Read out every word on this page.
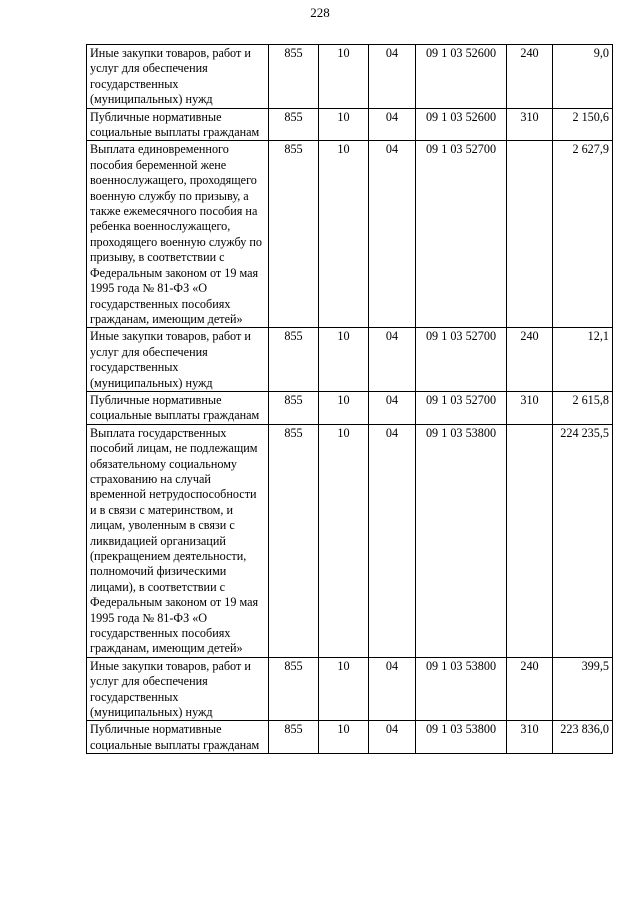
228
Иные закупки товаров, работ и услуг для обеспечения государственных (муниципальных) нужд	855	10	04	09 1 03 52600	240	9,0
Публичные нормативные социальные выплаты гражданам	855	10	04	09 1 03 52600	310	2 150,6
Выплата единовременного пособия беременной жене военнослужащего, проходящего военную службу по призыву, а также ежемесячного пособия на ребенка военнослужащего, проходящего военную службу по призыву, в соответствии с Федеральным законом от 19 мая 1995 года № 81-ФЗ «О государственных пособиях гражданам, имеющим детей»	855	10	04	09 1 03 52700		2 627,9
Иные закупки товаров, работ и услуг для обеспечения государственных (муниципальных) нужд	855	10	04	09 1 03 52700	240	12,1
Публичные нормативные социальные выплаты гражданам	855	10	04	09 1 03 52700	310	2 615,8
Выплата государственных пособий лицам, не подлежащим обязательному социальному страхованию на случай временной нетрудоспособности и в связи с материнством, и лицам, уволенным в связи с ликвидацией организаций (прекращением деятельности, полномочий физическими лицами), в соответствии с Федеральным законом от 19 мая 1995 года № 81-ФЗ «О государственных пособиях гражданам, имеющим детей»	855	10	04	09 1 03 53800		224 235,5
Иные закупки товаров, работ и услуг для обеспечения государственных (муниципальных) нужд	855	10	04	09 1 03 53800	240	399,5
Публичные нормативные социальные выплаты гражданам	855	10	04	09 1 03 53800	310	223 836,0
